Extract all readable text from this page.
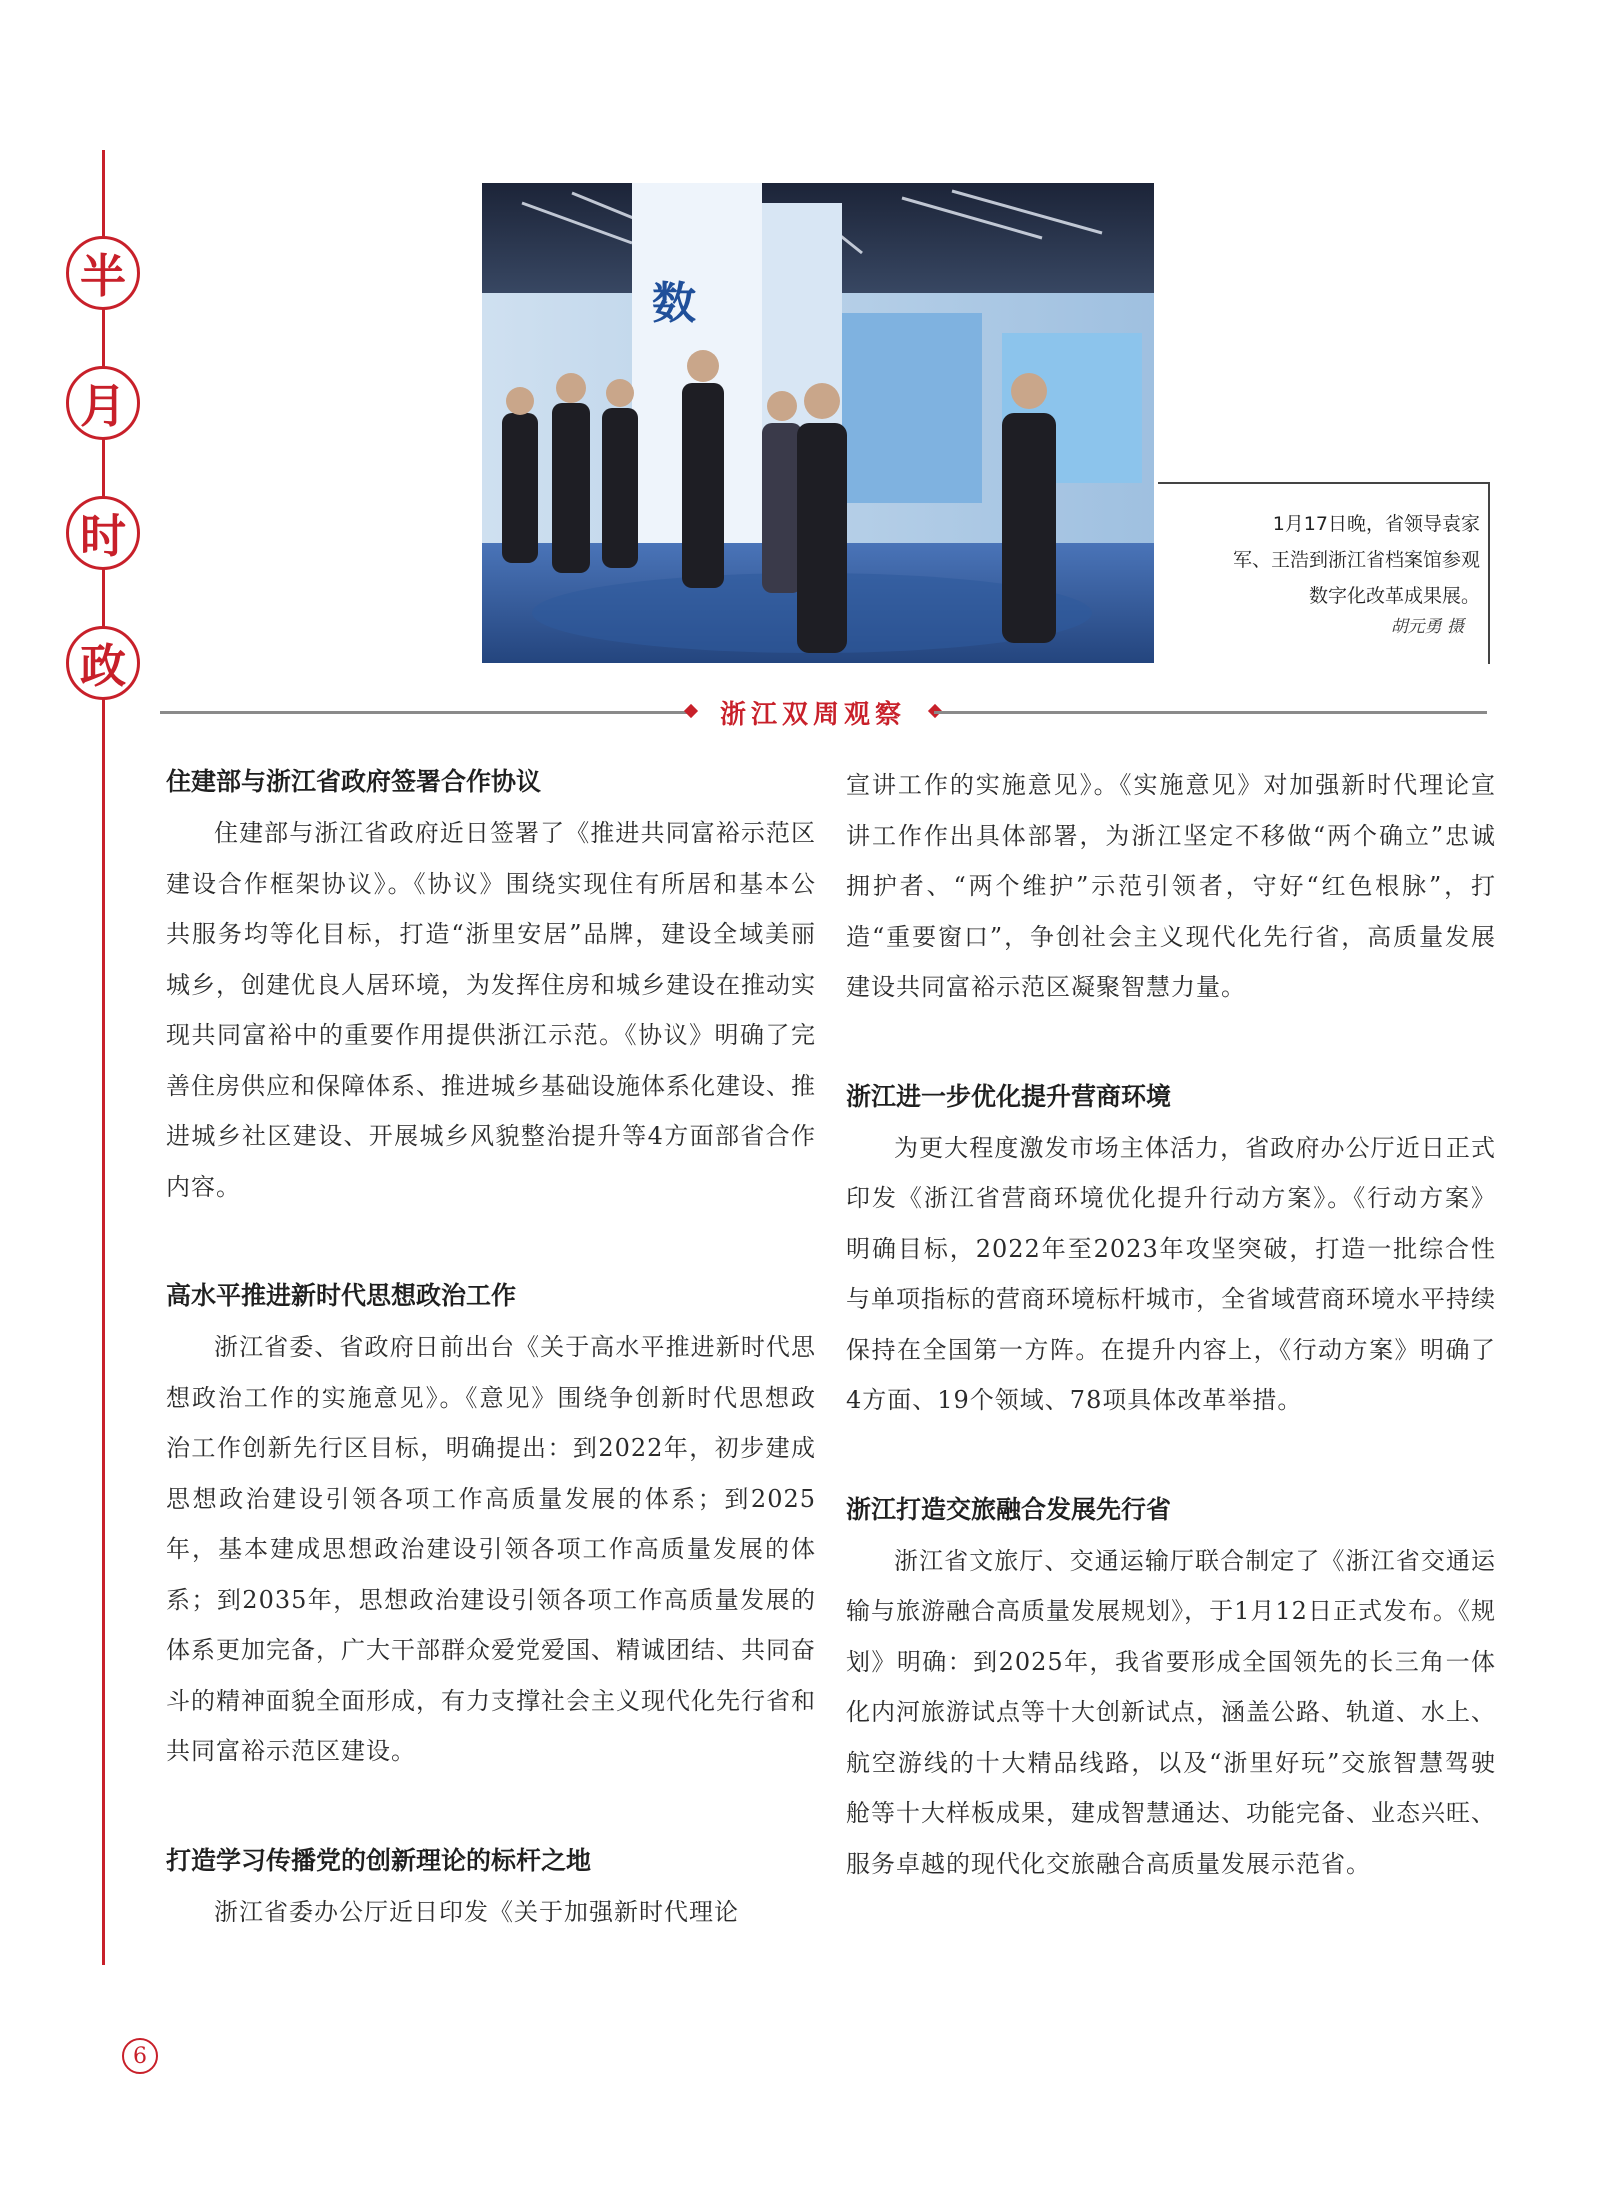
半
月
时
政
数
1月17日晚，省领导袁家
军、王浩到浙江省档案馆参观
数字化改革成果展。
胡元勇 摄
浙江双周观察
住建部与浙江省政府签署合作协议

住建部与浙江省政府近日签署了《推进共同富裕示范区建设合作框架协议》。《协议》围绕实现住有所居和基本公共服务均等化目标，打造“浙里安居”品牌，建设全域美丽城乡，创建优良人居环境，为发挥住房和城乡建设在推动实现共同富裕中的重要作用提供浙江示范。《协议》明确了完善住房供应和保障体系、推进城乡基础设施体系化建设、推进城乡社区建设、开展城乡风貌整治提升等4方面部省合作内容。

高水平推进新时代思想政治工作

浙江省委、省政府日前出台《关于高水平推进新时代思想政治工作的实施意见》。《意见》围绕争创新时代思想政治工作创新先行区目标，明确提出：到2022年，初步建成思想政治建设引领各项工作高质量发展的体系；到2025年，基本建成思想政治建设引领各项工作高质量发展的体系；到2035年，思想政治建设引领各项工作高质量发展的体系更加完备，广大干部群众爱党爱国、精诚团结、共同奋斗的精神面貌全面形成，有力支撑社会主义现代化先行省和共同富裕示范区建设。

打造学习传播党的创新理论的标杆之地

浙江省委办公厅近日印发《关于加强新时代理论

宣讲工作的实施意见》。《实施意见》对加强新时代理论宣讲工作作出具体部署，为浙江坚定不移做“两个确立”忠诚拥护者、“两个维护”示范引领者，守好“红色根脉”，打造“重要窗口”，争创社会主义现代化先行省，高质量发展建设共同富裕示范区凝聚智慧力量。

浙江进一步优化提升营商环境

为更大程度激发市场主体活力，省政府办公厅近日正式印发《浙江省营商环境优化提升行动方案》。《行动方案》明确目标，2022年至2023年攻坚突破，打造一批综合性与单项指标的营商环境标杆城市，全省域营商环境水平持续保持在全国第一方阵。在提升内容上，《行动方案》明确了4方面、19个领域、78项具体改革举措。

浙江打造交旅融合发展先行省

浙江省文旅厅、交通运输厅联合制定了《浙江省交通运输与旅游融合高质量发展规划》，于1月12日正式发布。《规划》明确：到2025年，我省要形成全国领先的长三角一体化内河旅游试点等十大创新试点，涵盖公路、轨道、水上、航空游线的十大精品线路，以及“浙里好玩”交旅智慧驾驶舱等十大样板成果，建成智慧通达、功能完备、业态兴旺、服务卓越的现代化交旅融合高质量发展示范省。

6
